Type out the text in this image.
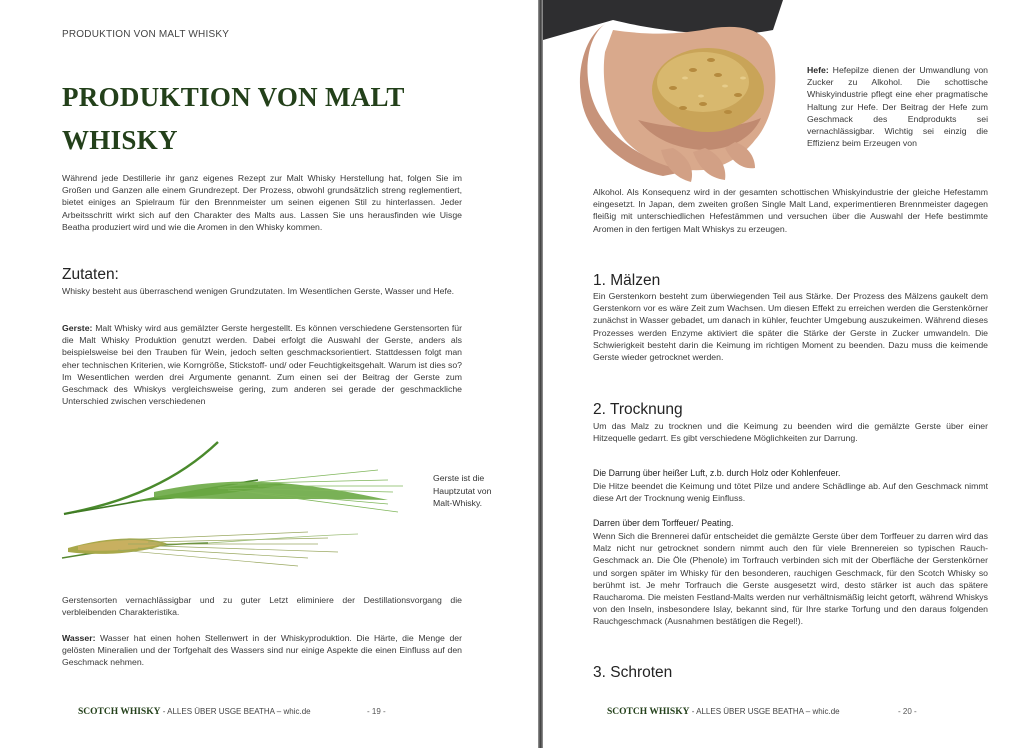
PRODUKTION VON MALT WHISKY
PRODUKTION VON MALT
WHISKY

Während jede Destillerie ihr ganz eigenes Rezept zur Malt Whisky Herstellung hat, folgen Sie im Großen und Ganzen alle einem Grundrezept. Der Prozess, obwohl grundsätzlich streng reglementiert, bietet einiges an Spielraum für den Brennmeister um seinen eigenen Stil zu hinterlassen. Jeder Arbeitsschritt wirkt sich auf den Charakter des Malts aus. Lassen Sie uns herausfinden wie Uisge Beatha produziert wird und wie die Aromen in den Whisky kommen.

Zutaten:

Whisky besteht aus überraschend wenigen Grundzutaten. Im Wesentlichen Gerste, Wasser und Hefe.

Gerste: Malt Whisky wird aus gemälzter Gerste hergestellt. Es können verschiedene Gerstensorten für die Malt Whisky Produktion genutzt werden. Dabei erfolgt die Auswahl der Gerste, anders als beispielsweise bei den Trauben für Wein, jedoch selten geschmacksorientiert. Stattdessen folgt man eher technischen Kriterien, wie Korngröße, Stickstoff- und/ oder Feuchtigkeitsgehalt. Warum ist dies so? Im Wesentlichen werden drei Argumente genannt. Zum einen sei der Beitrag der Gerste zum Geschmack des Whiskys vergleichsweise gering, zum anderen sei gerade der geschmackliche Unterschied zwischen verschiedenen

Gerste ist die Hauptzutat von Malt-Whisky.

Gerstensorten vernachlässigbar und zu guter Letzt eliminiere der Destillationsvorgang die verbleibenden Charakteristika.

Wasser: Wasser hat einen hohen Stellenwert in der Whiskyproduktion. Die Härte, die Menge der gelösten Mineralien und der Torfgehalt des Wassers sind nur einige Aspekte die einen Einfluss auf den Geschmack nehmen.

SCOTCH WHISKY - ALLES ÜBER USGE BEATHA – whic.de	- 19 -

Hefe: Hefepilze dienen der Umwandlung von Zucker zu Alkohol. Die schottische Whiskyindustrie pflegt eine eher pragmatische Haltung zur Hefe. Der Beitrag der Hefe zum Geschmack des Endprodukts sei vernachlässigbar. Wichtig sei einzig die Effizienz beim Erzeugen von

Alkohol. Als Konsequenz wird in der gesamten schottischen Whiskyindustrie der gleiche Hefestamm eingesetzt. In Japan, dem zweiten großen Single Malt Land, experimentieren Brennmeister dagegen fleißig mit unterschiedlichen Hefestämmen und versuchen über die Auswahl der Hefe bestimmte Aromen in den fertigen Malt Whiskys zu erzeugen.

1. Mälzen

Ein Gerstenkorn besteht zum überwiegenden Teil aus Stärke. Der Prozess des Mälzens gaukelt dem Gerstenkorn vor es wäre Zeit zum Wachsen. Um diesen Effekt zu erreichen werden die Gerstenkörner zunächst in Wasser gebadet, um danach in kühler, feuchter Umgebung auszukeimen. Während dieses Prozesses werden Enzyme aktiviert die später die Stärke der Gerste in Zucker umwandeln. Die Schwierigkeit besteht darin die Keimung im richtigen Moment zu beenden. Dazu muss die keimende Gerste wieder getrocknet werden.

2. Trocknung

Um das Malz zu trocknen und die Keimung zu beenden wird die gemälzte Gerste über einer Hitzequelle gedarrt. Es gibt verschiedene Möglichkeiten zur Darrung.

Die Darrung über heißer Luft, z.b. durch Holz oder Kohlenfeuer.

Die Hitze beendet die Keimung und tötet Pilze und andere Schädlinge ab. Auf den Geschmack nimmt diese Art der Trocknung wenig Einfluss.

Darren über dem Torffeuer/ Peating.

Wenn Sich die Brennerei dafür entscheidet die gemälzte Gerste über dem Torffeuer zu darren wird das Malz nicht nur getrocknet sondern nimmt auch den für viele Brennereien so typischen Rauch-Geschmack an. Die Öle (Phenole) im Torfrauch verbinden sich mit der Oberfläche der Gerstenkörner und sorgen später im Whisky für den besonderen, rauchigen Geschmack, für den Scotch Whisky so berühmt ist. Je mehr Torfrauch die Gerste ausgesetzt wird, desto stärker ist auch das spätere Raucharoma. Die meisten Festland-Malts werden nur verhältnismäßig leicht getorft, während Whiskys von den Inseln, insbesondere Islay, bekannt sind, für Ihre starke Torfung und den daraus folgenden Rauchgeschmack (Ausnahmen bestätigen die Regel!).

3. Schroten
SCOTCH WHISKY - ALLES ÜBER USGE BEATHA – whic.de	- 20 -
